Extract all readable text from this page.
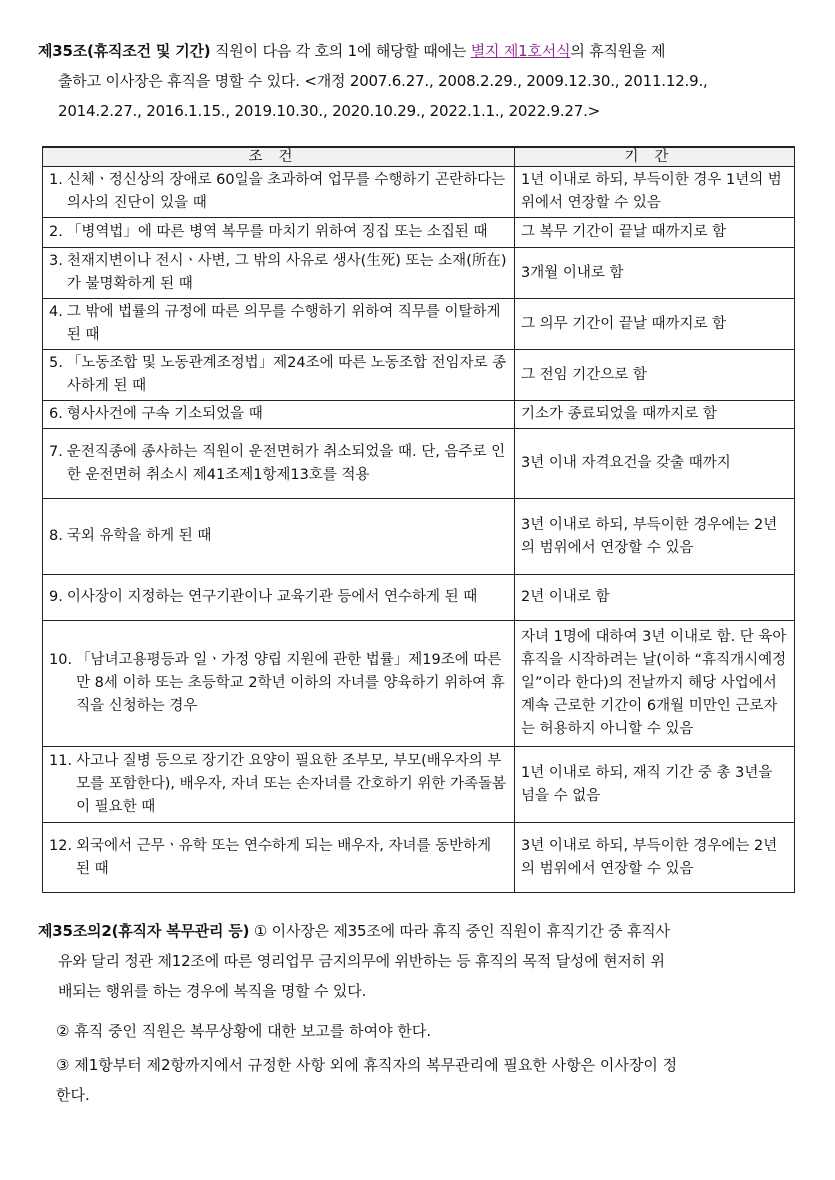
제35조(휴직조건 및 기간) 직원이 다음 각 호의 1에 해당할 때에는 별지 제1호서식의 휴직원을 제
출하고 이사장은 휴직을 명할 수 있다. <개정 2007.6.27., 2008.2.29., 2009.12.30., 2011.12.9.,
2014.2.27., 2016.1.15., 2019.10.30., 2020.10.29., 2022.1.1., 2022.9.27.>
조건	기간

1. 신체ㆍ정신상의 장애로 60일을 초과하여 업무를 수행하기 곤란하다는 의사의 진단이 있을 때	1년 이내로 하되, 부득이한 경우 1년의 범위에서 연장할 수 있음

2. 「병역법」에 따른 병역 복무를 마치기 위하여 징집 또는 소집된 때	그 복무 기간이 끝날 때까지로 함

3. 천재지변이나 전시ㆍ사변, 그 밖의 사유로 생사(生死) 또는 소재(所在)가 불명확하게 된 때	3개월 이내로 함

4. 그 밖에 법률의 규정에 따른 의무를 수행하기 위하여 직무를 이탈하게 된 때	그 의무 기간이 끝날 때까지로 함

5. 「노동조합 및 노동관계조정법」제24조에 따른 노동조합 전임자로 종사하게 된 때	그 전임 기간으로 함

6. 형사사건에 구속 기소되었을 때	기소가 종료되었을 때까지로 함

7. 운전직종에 종사하는 직원이 운전면허가 취소되었을 때. 단, 음주로 인한 운전면허 취소시 제41조제1항제13호를 적용	3년 이내 자격요건을 갖출 때까지

8. 국외 유학을 하게 된 때	3년 이내로 하되, 부득이한 경우에는 2년의 범위에서 연장할 수 있음

9. 이사장이 지정하는 연구기관이나 교육기관 등에서 연수하게 된 때	2년 이내로 함

10. 「남녀고용평등과 일ㆍ가정 양립 지원에 관한 법률」제19조에 따른 만 8세 이하 또는 초등학교 2학년 이하의 자녀를 양육하기 위하여 휴직을 신청하는 경우	자녀 1명에 대하여 3년 이내로 함. 단 육아휴직을 시작하려는 날(이하 “휴직개시예정일”이라 한다)의 전날까지 해당 사업에서 계속 근로한 기간이 6개월 미만인 근로자는 허용하지 아니할 수 있음

11. 사고나 질병 등으로 장기간 요양이 필요한 조부모, 부모(배우자의 부모를 포함한다), 배우자, 자녀 또는 손자녀를 간호하기 위한 가족돌봄이 필요한 때	1년 이내로 하되, 재직 기간 중 총 3년을 넘을 수 없음

12. 외국에서 근무ㆍ유학 또는 연수하게 되는 배우자, 자녀를 동반하게 된 때	3년 이내로 하되, 부득이한 경우에는 2년의 범위에서 연장할 수 있음
제35조의2(휴직자 복무관리 등) ① 이사장은 제35조에 따라 휴직 중인 직원이 휴직기간 중 휴직사
유와 달리 정관 제12조에 따른 영리업무 금지의무에 위반하는 등 휴직의 목적 달성에 현저히 위
배되는 행위를 하는 경우에 복직을 명할 수 있다.
② 휴직 중인 직원은 복무상황에 대한 보고를 하여야 한다.
③ 제1항부터 제2항까지에서 규정한 사항 외에 휴직자의 복무관리에 필요한 사항은 이사장이 정
한다.
